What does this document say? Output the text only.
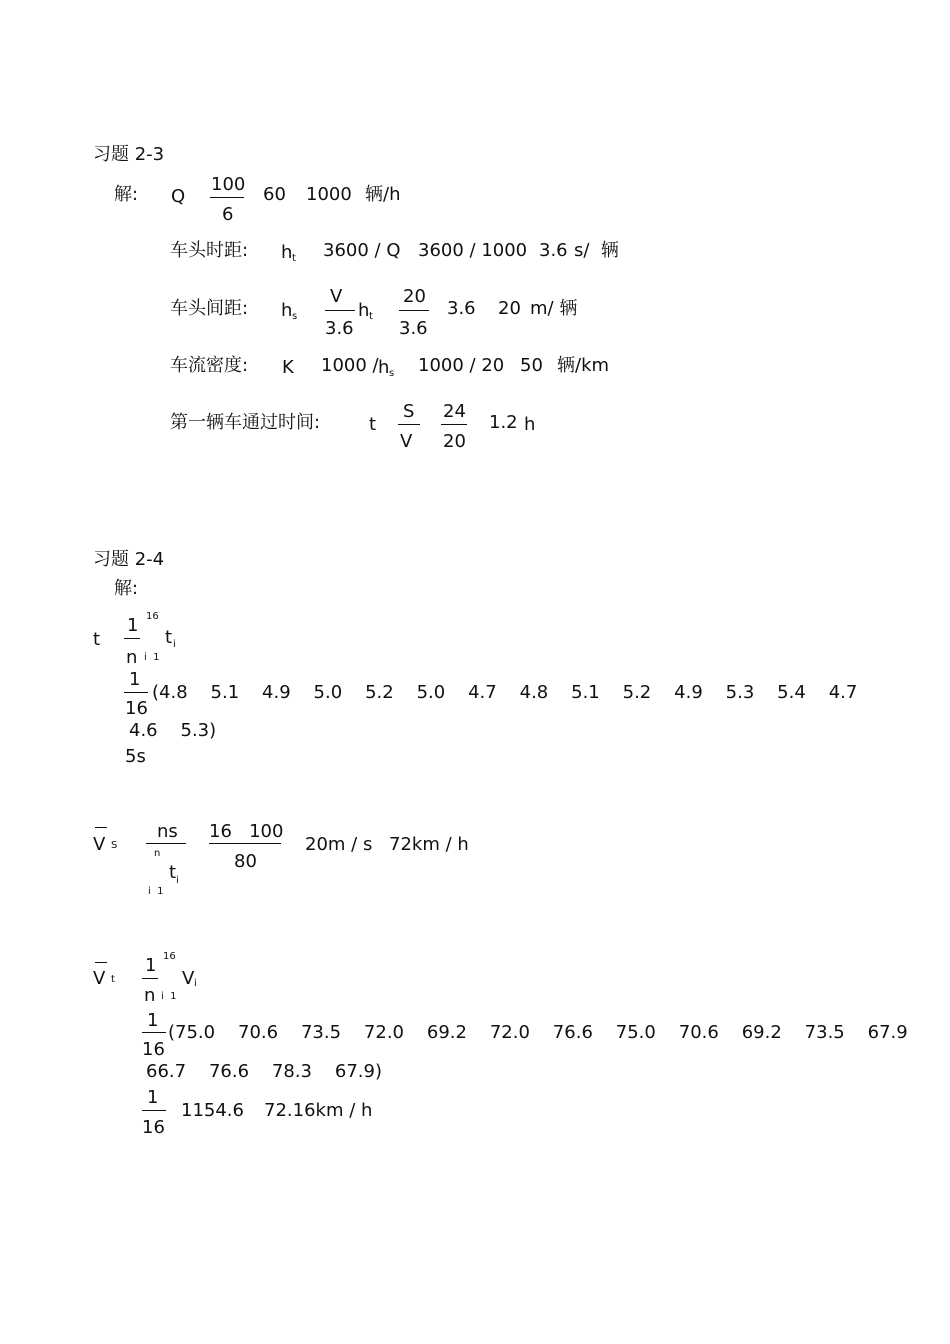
习题 2-3
解: Q
100
6
60 1000 辆/h
车头时距: h t 3600 / Q 3600 / 1000 3.6 s/  辆
车头间距: h s
V
3.6
h t
20
3.6
3.6 20 m/ 辆
车流密度: K 1000 / h s 1000 / 20 50 辆/km
第一辆车通过时间:	t
S
V
24
20
1.2 h
习题 2-4
解:
t
1
n
16
i  1
t i
1
16
(4.8    5.1    4.9    5.0    5.2    5.0    4.7    4.8    5.1    5.2    4.9    5.3    5.4    4.7
4.6    5.3)
5s
V S
ns
n
t i
i  1
16   100
80
20m / s 72km / h
V t
1
n
16
i  1
V i
1
16
(75.0    70.6    73.5    72.0    69.2    72.0    76.6    75.0    70.6    69.2    73.5    67.9
66.7    76.6    78.3    67.9)
1
16
1154.6 72.16km / h
